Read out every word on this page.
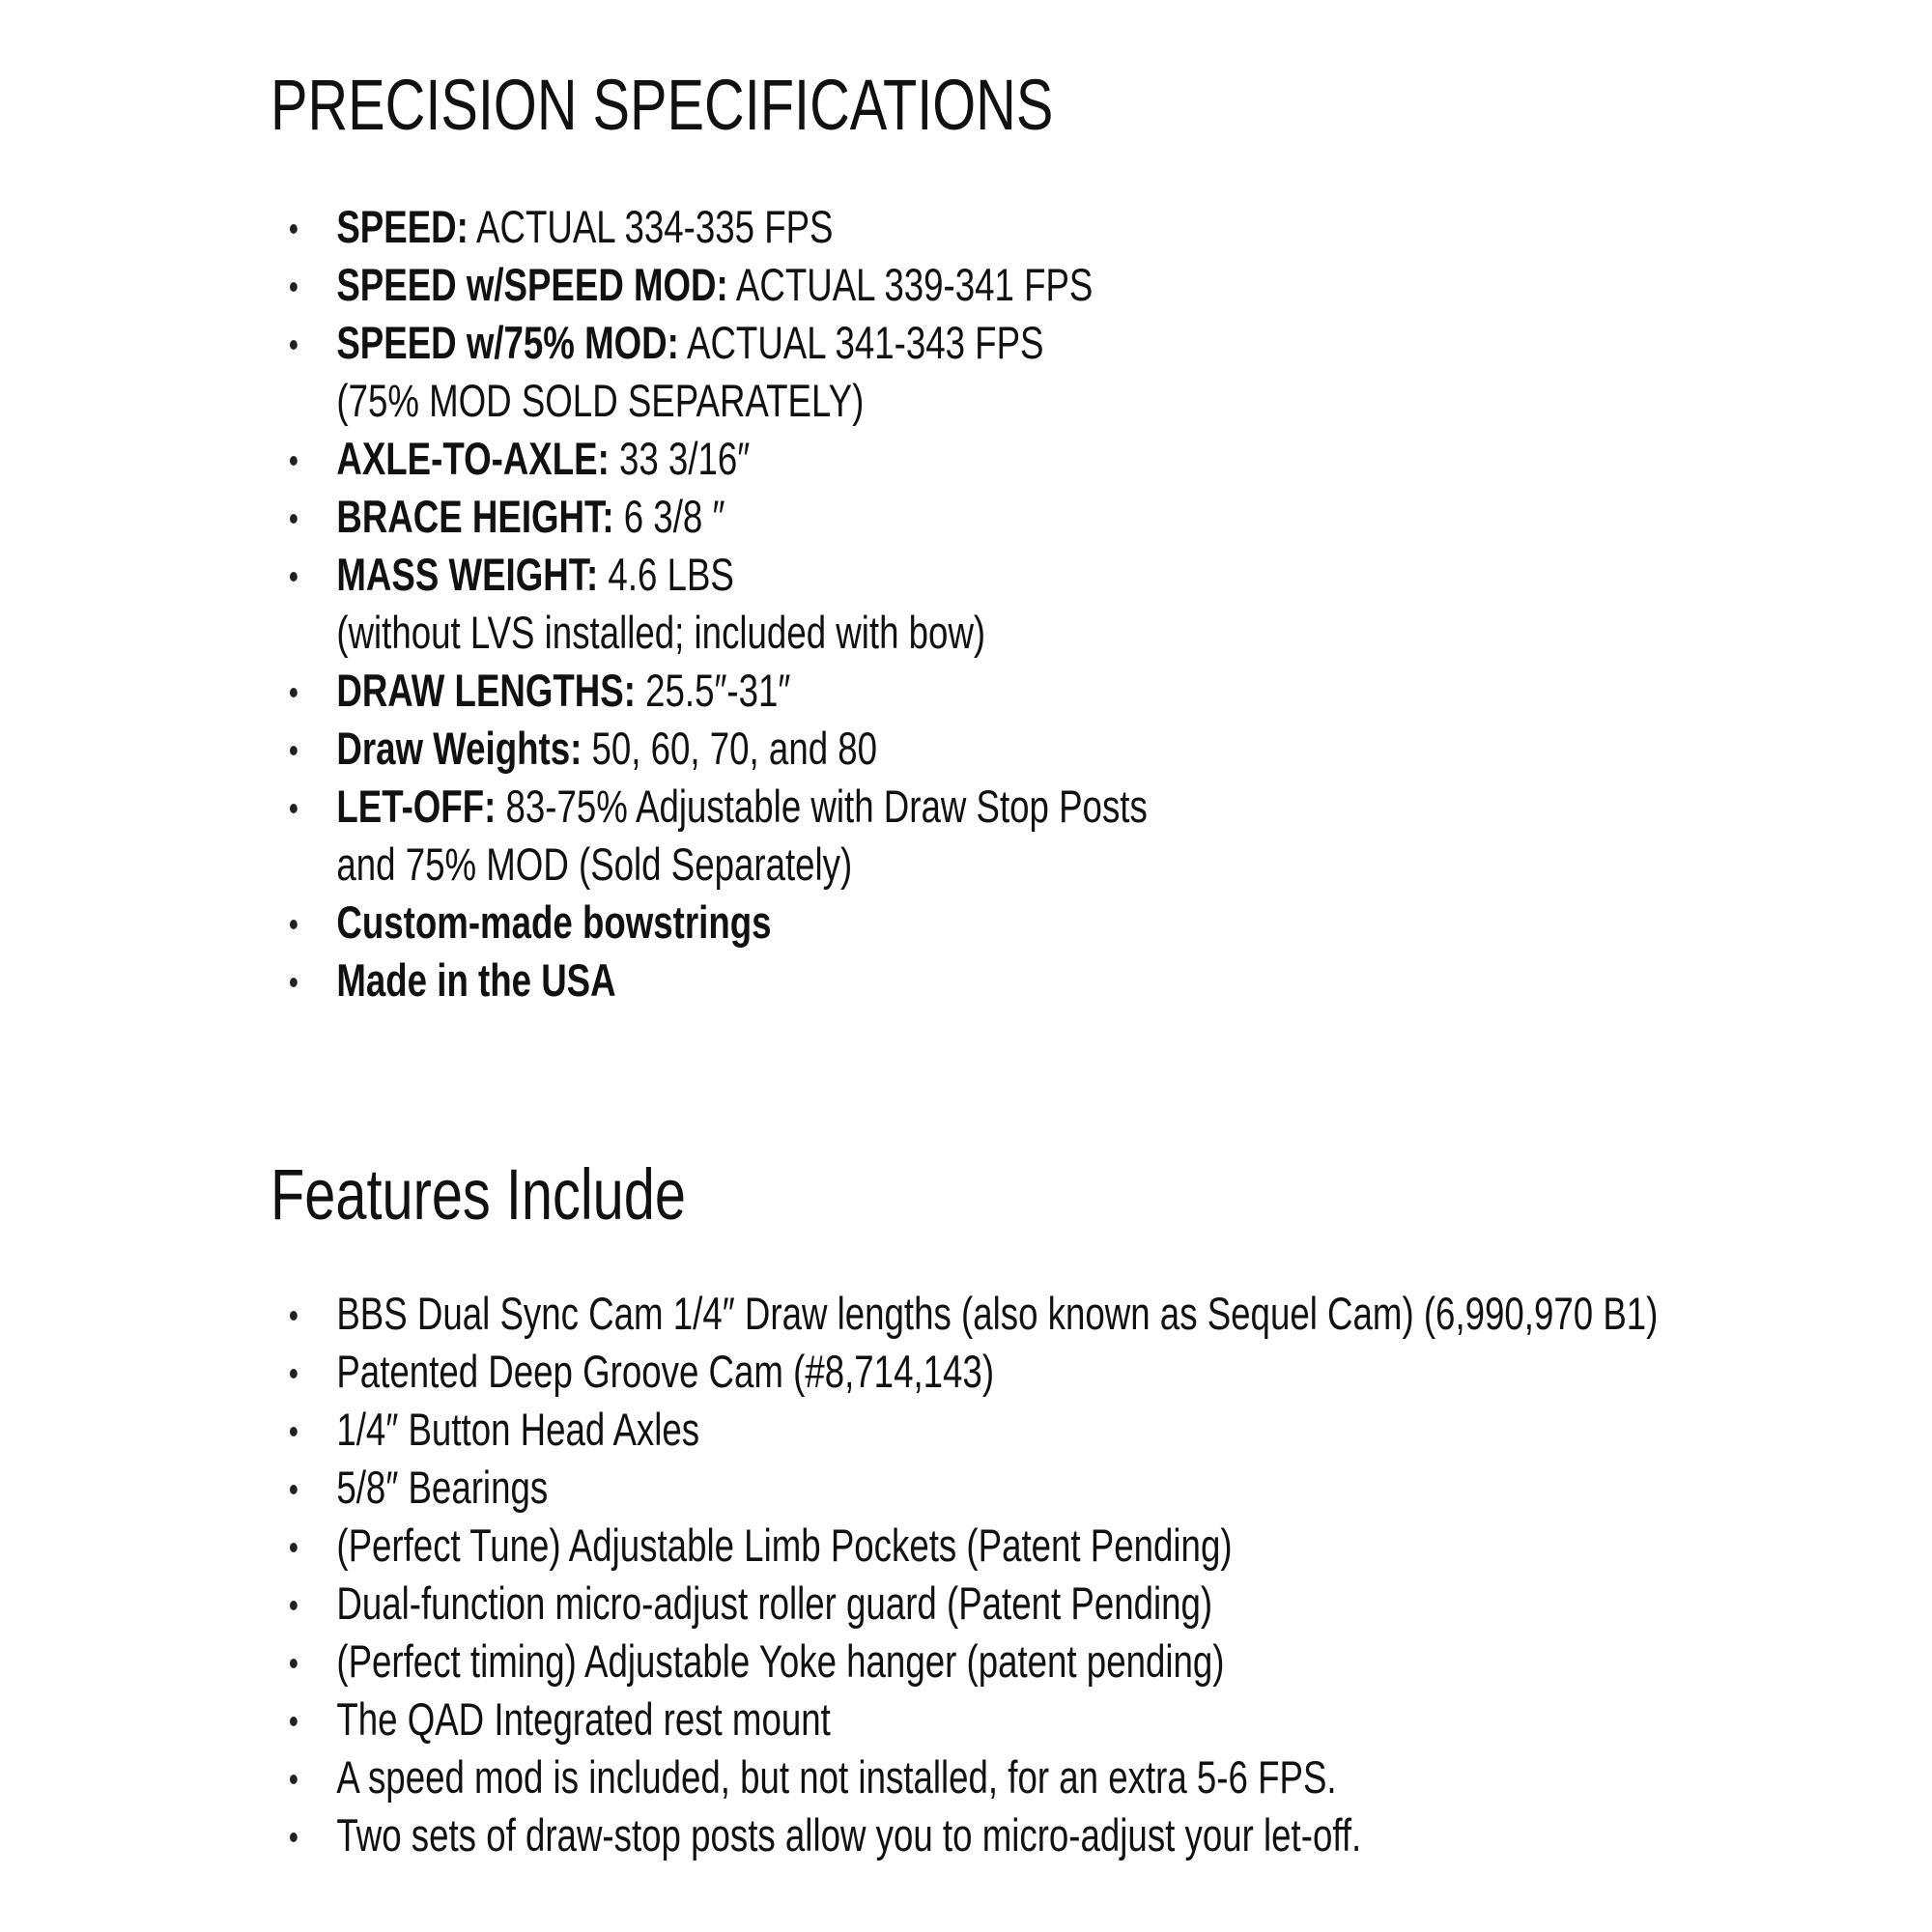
PRECISION SPECIFICATIONS
SPEED: ACTUAL 334-335 FPS
SPEED w/SPEED MOD: ACTUAL 339-341 FPS
SPEED w/75% MOD: ACTUAL 341-343 FPS
(75% MOD SOLD SEPARATELY)
AXLE-TO-AXLE: 33 3/16″
BRACE HEIGHT: 6 3/8 ″
MASS WEIGHT: 4.6 LBS
(without LVS installed; included with bow)
DRAW LENGTHS: 25.5″-31″
Draw Weights: 50, 60, 70, and 80
LET-OFF: 83-75% Adjustable with Draw Stop Posts
and 75% MOD (Sold Separately)
Custom-made bowstrings
Made in the USA
Features Include
BBS Dual Sync Cam 1/4″ Draw lengths (also known as Sequel Cam) (6,990,970 B1)
Patented Deep Groove Cam (#8,714,143)
1/4″ Button Head Axles
5/8″ Bearings
(Perfect Tune) Adjustable Limb Pockets (Patent Pending)
Dual-function micro-adjust roller guard (Patent Pending)
(Perfect timing) Adjustable Yoke hanger (patent pending)
The QAD Integrated rest mount
A speed mod is included, but not installed, for an extra 5-6 FPS.
Two sets of draw-stop posts allow you to micro-adjust your let-off.
